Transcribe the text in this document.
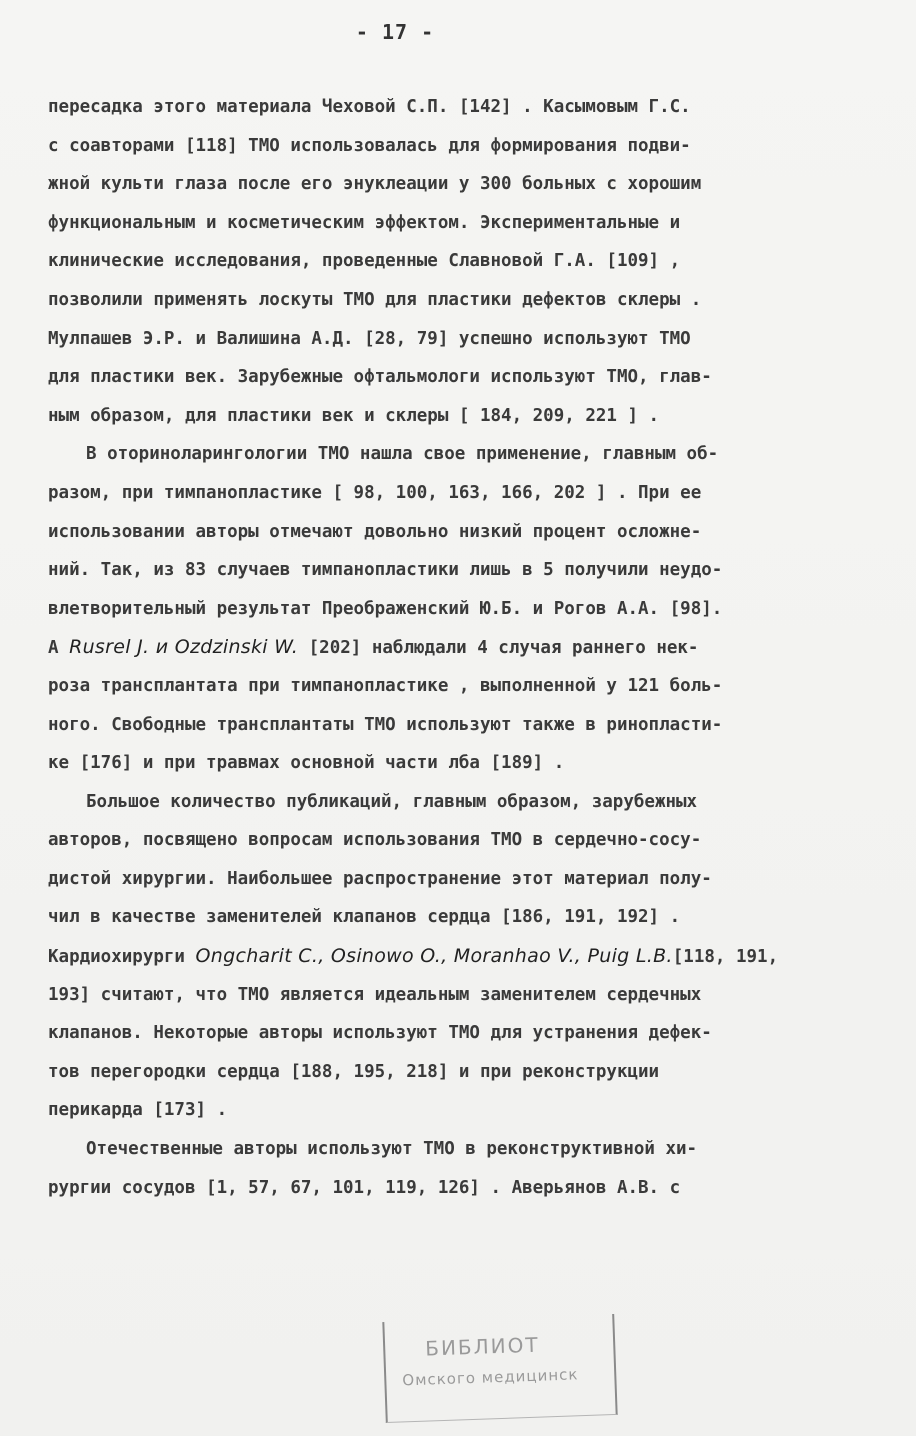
- 17 -
пересадка этого материала Чеховой С.П. [142] . Касымовым Г.С.
с соавторами [118] ТМО использовалась для формирования подви-
жной культи глаза после его энуклеации у 300 больных с хорошим
функциональным и косметическим эффектом. Экспериментальные и
клинические исследования, проведенные Славновой Г.А. [109] ,
позволили применять лоскуты ТМО для пластики дефектов склеры .
Мулпашев Э.Р. и Валишина А.Д. [28, 79] успешно используют ТМО
для пластики век. Зарубежные офтальмологи используют ТМО, глав-
ным образом, для пластики век и склеры [ 184, 209, 221 ] .
В оториноларингологии ТМО нашла свое применение, главным об-
разом, при тимпанопластике [ 98, 100, 163, 166, 202 ] . При ее
использовании авторы отмечают довольно низкий процент осложне-
ний. Так, из 83 случаев тимпанопластики лишь в 5 получили неудо-
влетворительный результат Преображенский Ю.Б. и Рогов А.А. [98].
A Rusrel J. и Ozdzinski W. [202] наблюдали 4 случая раннего нек-
роза трансплантата при тимпанопластике , выполненной у 121 боль-
ного. Свободные трансплантаты ТМО используют также в ринопласти-
ке [176] и при травмах основной части лба [189] .
Большое количество публикаций, главным образом, зарубежных
авторов, посвящено вопросам использования ТМО в сердечно-сосу-
дистой хирургии. Наибольшее распространение этот материал полу-
чил в качестве заменителей клапанов сердца [186, 191, 192] .
Кардиохирурги Ongcharit C., Osinowo O., Moranhao V., Puig L.B.[118, 191,
193] считают, что ТМО является идеальным заменителем сердечных
клапанов. Некоторые авторы используют ТМО для устранения дефек-
тов перегородки сердца [188, 195, 218] и при реконструкции
перикарда [173] .
Отечественные авторы используют ТМО в реконструктивной хи-
рургии сосудов [1, 57, 67, 101, 119, 126] . Аверьянов А.В. с
БИБЛИОТ
Омского медицинск
